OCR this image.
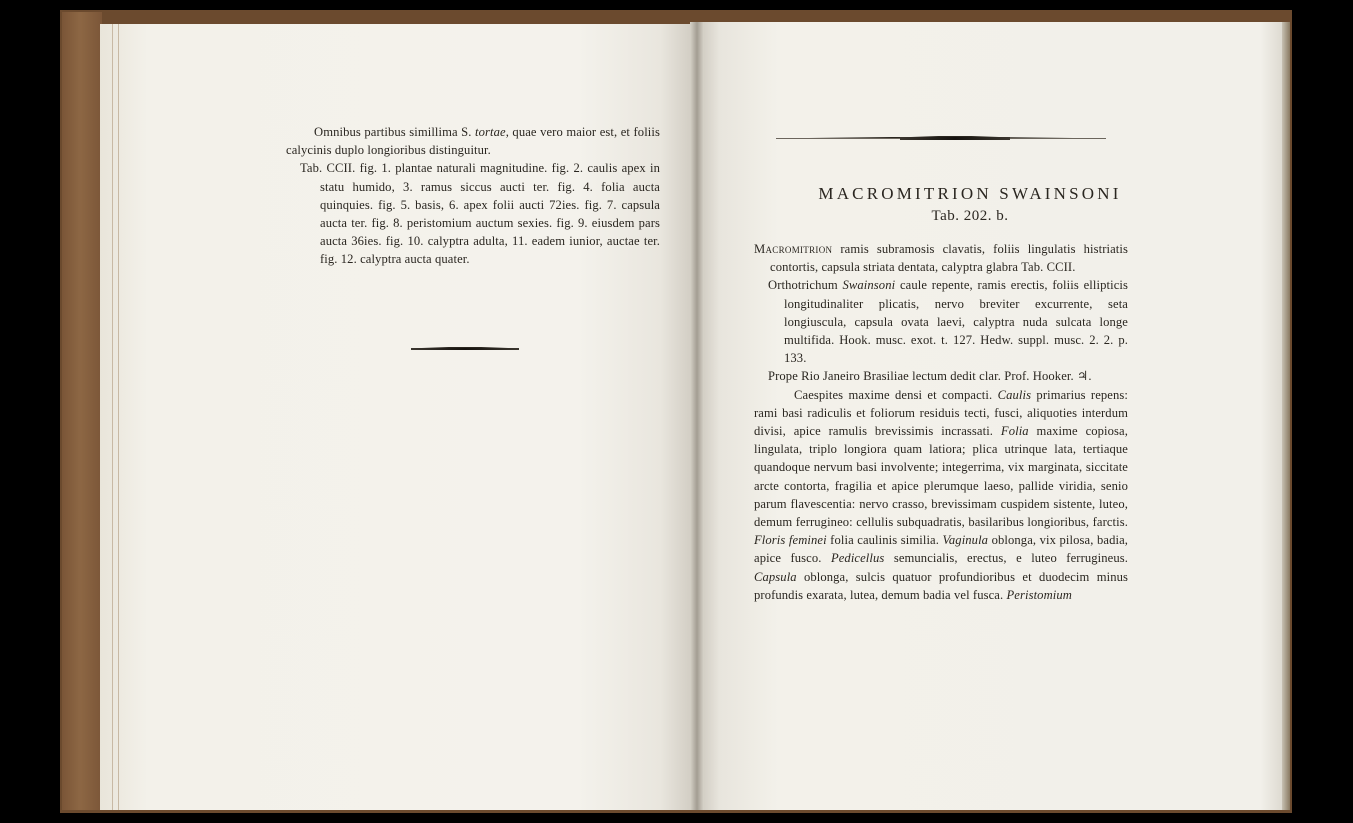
Omnibus partibus simillima S. tortae, quae vero maior est, et foliis calycinis duplo longioribus distinguitur.

Tab. CCII. fig. 1. plantae naturali magnitudine. fig. 2. caulis apex in statu humido, 3. ramus siccus aucti ter. fig. 4. folia aucta quinquies. fig. 5. basis, 6. apex folii aucti 72ies. fig. 7. capsula aucta ter. fig. 8. peristomium auctum sexies. fig. 9. eiusdem pars aucta 36ies. fig. 10. calyptra adulta, 11. eadem iunior, auctae ter. fig. 12. calyptra aucta quater.

MACROMITRION SWAINSONI
Tab. 202. b.

Macromitrion ramis subramosis clavatis, foliis lingulatis histriatis contortis, capsula striata dentata, calyptra glabra Tab. CCII.

Orthotrichum Swainsoni caule repente, ramis erectis, foliis ellipticis longitudinaliter plicatis, nervo breviter excurrente, seta longiuscula, capsula ovata laevi, calyptra nuda sulcata longe multifida. Hook. musc. exot. t. 127. Hedw. suppl. musc. 2. 2. p. 133.

Prope Rio Janeiro Brasiliae lectum dedit clar. Prof. Hooker. ♃.

Caespites maxime densi et compacti. Caulis primarius repens: rami basi radiculis et foliorum residuis tecti, fusci, aliquoties interdum divisi, apice ramulis brevissimis incrassati. Folia maxime copiosa, lingulata, triplo longiora quam latiora; plica utrinque lata, tertiaque quandoque nervum basi involvente; integerrima, vix marginata, siccitate arcte contorta, fragilia et apice plerumque laeso, pallide viridia, senio parum flavescentia: nervo crasso, brevissimam cuspidem sistente, luteo, demum ferrugineo: cellulis subquadratis, basilaribus longioribus, farctis. Floris feminei folia caulinis similia. Vaginula oblonga, vix pilosa, badia, apice fusco. Pedicellus semuncialis, erectus, e luteo ferrugineus. Capsula oblonga, sulcis quatuor profundioribus et duodecim minus profundis exarata, lutea, demum badia vel fusca. Peristomium
